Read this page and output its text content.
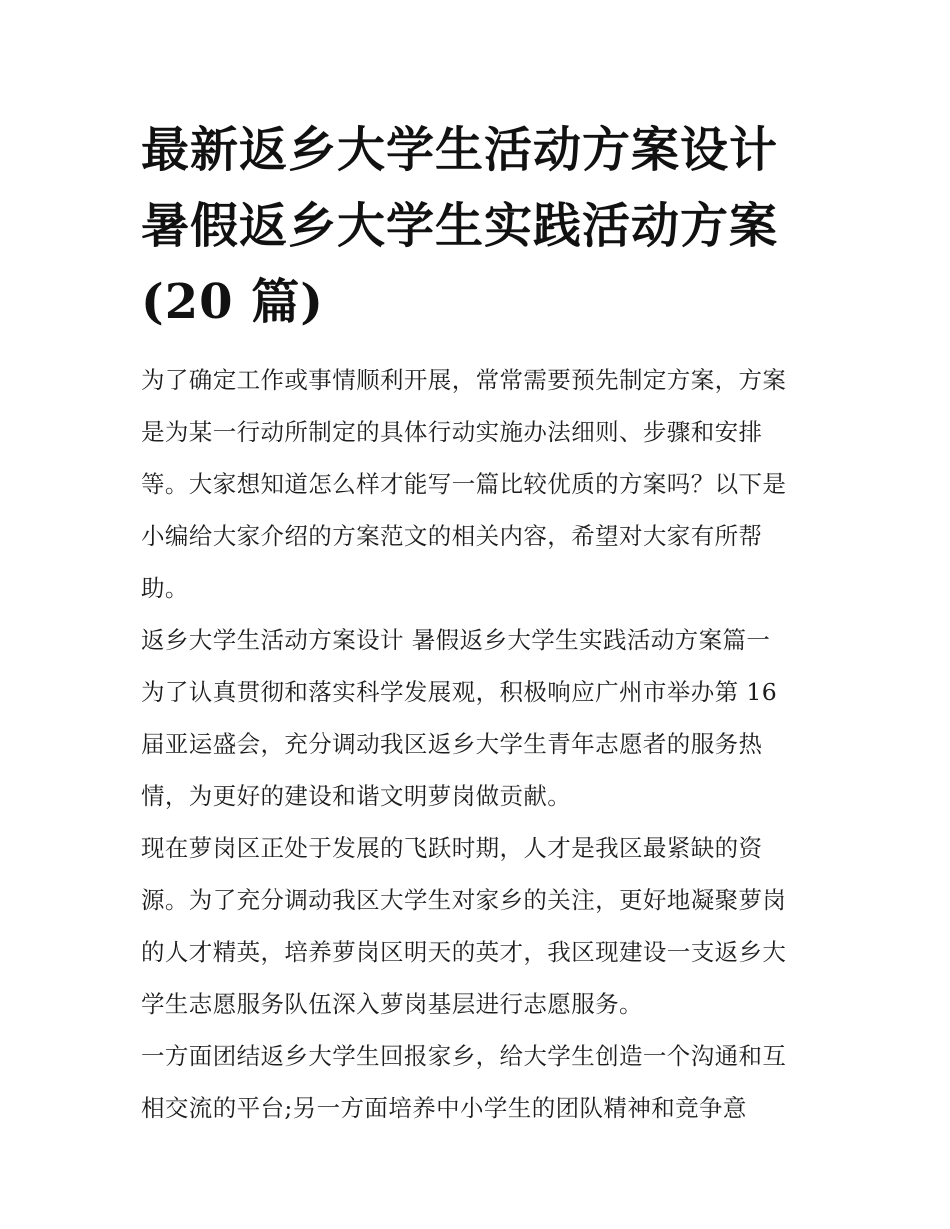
最新返乡大学生活动方案设计
暑假返乡大学生实践活动方案
(20 篇)

为了确定工作或事情顺利开展，常常需要预先制定方案，方案
是为某一行动所制定的具体行动实施办法细则、步骤和安排
等。大家想知道怎么样才能写一篇比较优质的方案吗？以下是
小编给大家介绍的方案范文的相关内容，希望对大家有所帮
助。

返乡大学生活动方案设计 暑假返乡大学生实践活动方案篇一

为了认真贯彻和落实科学发展观，积极响应广州市举办第 16
届亚运盛会，充分调动我区返乡大学生青年志愿者的服务热
情，为更好的建设和谐文明萝岗做贡献。

现在萝岗区正处于发展的飞跃时期，人才是我区最紧缺的资
源。为了充分调动我区大学生对家乡的关注，更好地凝聚萝岗
的人才精英，培养萝岗区明天的英才，我区现建设一支返乡大
学生志愿服务队伍深入萝岗基层进行志愿服务。

一方面团结返乡大学生回报家乡，给大学生创造一个沟通和互
相交流的平台;另一方面培养中小学生的团队精神和竞争意
